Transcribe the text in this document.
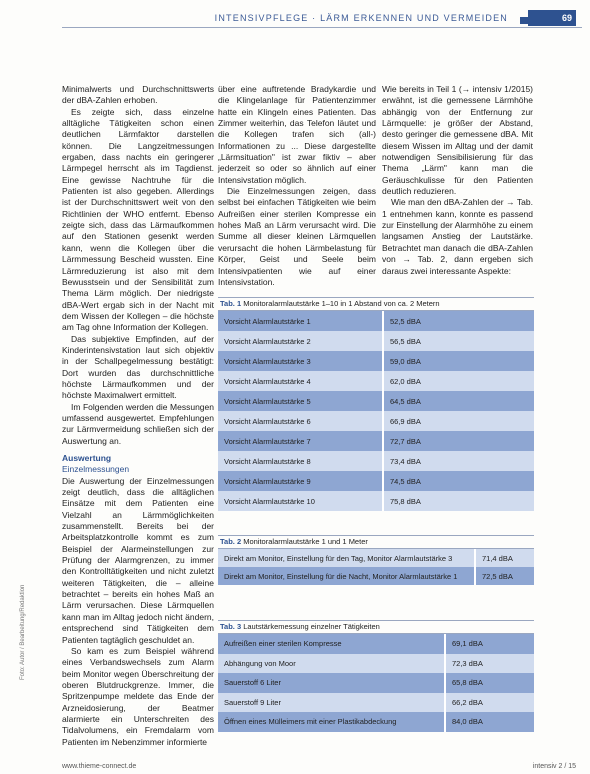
INTENSIVPFLEGE · LÄRM ERKENNEN UND VERMEIDEN	69

Minimalwerts und Durchschnittswerts der dBA-Zahlen erhoben.

Es zeigte sich, dass einzelne alltägliche Tätigkeiten schon einen deutlichen Lärmfaktor darstellen können. Die Langzeitmessungen ergaben, dass nachts ein geringerer Lärmpegel herrscht als im Tagdienst. Eine gewisse Nachtruhe für die Patienten ist also gegeben. Allerdings ist der Durchschnittswert weit von den Richtlinien der WHO entfernt. Ebenso zeigte sich, dass das Lärmaufkommen auf den Stationen gesenkt werden kann, wenn die Kollegen über die Lärmmessung Bescheid wussten. Eine Lärmreduzierung ist also mit dem Bewusstsein und der Sensibilität zum Thema Lärm möglich. Der niedrigste dBA-Wert ergab sich in der Nacht mit dem Wissen der Kollegen – die höchste am Tag ohne Information der Kollegen.

Das subjektive Empfinden, auf der Kinderintensivstation laut sich objektiv in der Schallpegelmessung bestätigt: Dort wurden das durchschnittliche höchste Lärmaufkommen und der höchste Maximalwert ermittelt.

Im Folgenden werden die Messungen umfassend ausgewertet. Empfehlungen zur Lärmvermeidung schließen sich der Auswertung an.

Auswertung

Einzelmessungen

Die Auswertung der Einzelmessungen zeigt deutlich, dass die alltäglichen Einsätze mit dem Patienten eine Vielzahl an Lärmmöglichkeiten zusammenstellt. Bereits bei der Arbeitsplatzkontrolle kommt es zum Beispiel der Alarmeinstellungen zur Prüfung der Alarmgrenzen, zu immer den Kontrolltätigkeiten und nicht zuletzt weiteren Tätigkeiten, die – alleine betrachtet – bereits ein hohes Maß an Lärm verursachen. Diese Lärmquellen kann man im Alltag jedoch nicht ändern, entsprechend sind Tätigkeiten dem Patienten tagtäglich geschuldet an.

So kam es zum Beispiel während eines Verbandswechsels zum Alarm beim Monitor wegen Überschreitung der oberen Blutdruckgrenze. Immer, die Spritzenpumpe meldete das Ende der Arzneidosierung, der Beatmer alarmierte ein Unterschreiten des Tidalvolumens, ein Fremdalarm vom Patienten im Nebenzimmer informierte

über eine auftretende Bradykardie und die Klingelanlage für Patientenzimmer hatte ein Klingeln eines Patienten. Das Zimmer weiterhin, das Telefon läutet und die Kollegen trafen sich (all-) Informationen zu ... Diese dargestellte „Lärmsituation" ist zwar fiktiv – aber jederzeit so oder so ähnlich auf einer Intensivstation möglich.

Die Einzelmessungen zeigen, dass selbst bei einfachen Tätigkeiten wie beim Aufreißen einer sterilen Kompresse ein hohes Maß an Lärm verursacht wird. Die Summe all dieser kleinen Lärmquellen verursacht die hohen Lärmbelastung für Körper, Geist und Seele beim Intensivpatienten wie auf einer Intensivstation.

Wie bereits in Teil 1 (→ intensiv 1/2015) erwähnt, ist die gemessene Lärmhöhe abhängig von der Entfernung zur Lärmquelle: je größer der Abstand, desto geringer die gemessene dBA. Mit diesem Wissen im Alltag und der damit notwendigen Sensibilisierung für das Thema „Lärm" kann man die Geräuschkulisse für den Patienten deutlich reduzieren.

Wie man den dBA-Zahlen der → Tab. 1 entnehmen kann, konnte es passend zur Einstellung der Alarmhöhe zu einem langsamen Anstieg der Lautstärke. Betrachtet man danach die dBA-Zahlen von → Tab. 2, dann ergeben sich daraus zwei interessante Aspekte:

Tab. 1 Monitoralarmlautstärke 1–10 in 1 Abstand von ca. 2 Metern
Vorsicht Alarmlautstärke 1	52,5 dBA
Vorsicht Alarmlautstärke 2	56,5 dBA
Vorsicht Alarmlautstärke 3	59,0 dBA
Vorsicht Alarmlautstärke 4	62,0 dBA
Vorsicht Alarmlautstärke 5	64,5 dBA
Vorsicht Alarmlautstärke 6	66,9 dBA
Vorsicht Alarmlautstärke 7	72,7 dBA
Vorsicht Alarmlautstärke 8	73,4 dBA
Vorsicht Alarmlautstärke 9	74,5 dBA
Vorsicht Alarmlautstärke 10	75,8 dBA
Tab. 2 Monitoralarmlautstärke 1 und 1 Meter
Direkt am Monitor, Einstellung für den Tag, Monitor Alarmlautstärke 3	71,4 dBA
Direkt am Monitor, Einstellung für die Nacht, Monitor Alarmlautstärke 1	72,5 dBA
Tab. 3 Lautstärkemessung einzelner Tätigkeiten
Aufreißen einer sterilen Kompresse	69,1 dBA
Abhängung von Moor	72,3 dBA
Sauerstoff 6 Liter	65,8 dBA
Sauerstoff 9 Liter	66,2 dBA
Öffnen eines Mülleimers mit einer Plastikabdeckung	84,0 dBA
Foto: Autor / Bearbeitung/Redaktion
www.thieme-connect.de	intensiv 2 / 15
